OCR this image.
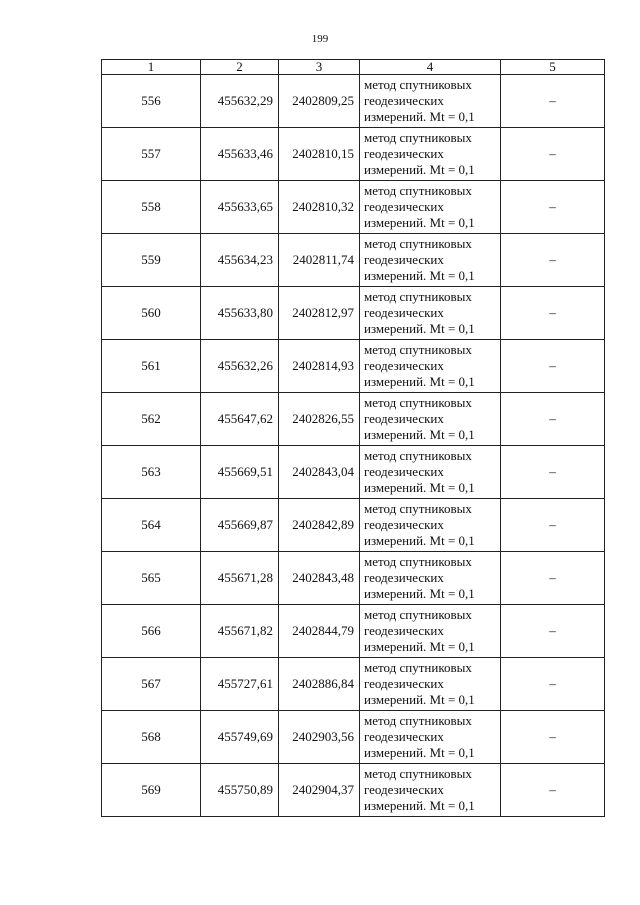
199
1	2	3	4	5
556	455632,29	2402809,25	метод спутниковых
геодезических
измерений. Mt = 0,1	–
557	455633,46	2402810,15	метод спутниковых
геодезических
измерений. Mt = 0,1	–
558	455633,65	2402810,32	метод спутниковых
геодезических
измерений. Mt = 0,1	–
559	455634,23	2402811,74	метод спутниковых
геодезических
измерений. Mt = 0,1	–
560	455633,80	2402812,97	метод спутниковых
геодезических
измерений. Mt = 0,1	–
561	455632,26	2402814,93	метод спутниковых
геодезических
измерений. Mt = 0,1	–
562	455647,62	2402826,55	метод спутниковых
геодезических
измерений. Mt = 0,1	–
563	455669,51	2402843,04	метод спутниковых
геодезических
измерений. Mt = 0,1	–
564	455669,87	2402842,89	метод спутниковых
геодезических
измерений. Mt = 0,1	–
565	455671,28	2402843,48	метод спутниковых
геодезических
измерений. Mt = 0,1	–
566	455671,82	2402844,79	метод спутниковых
геодезических
измерений. Mt = 0,1	–
567	455727,61	2402886,84	метод спутниковых
геодезических
измерений. Mt = 0,1	–
568	455749,69	2402903,56	метод спутниковых
геодезических
измерений. Mt = 0,1	–
569	455750,89	2402904,37	метод спутниковых
геодезических
измерений. Mt = 0,1	–
